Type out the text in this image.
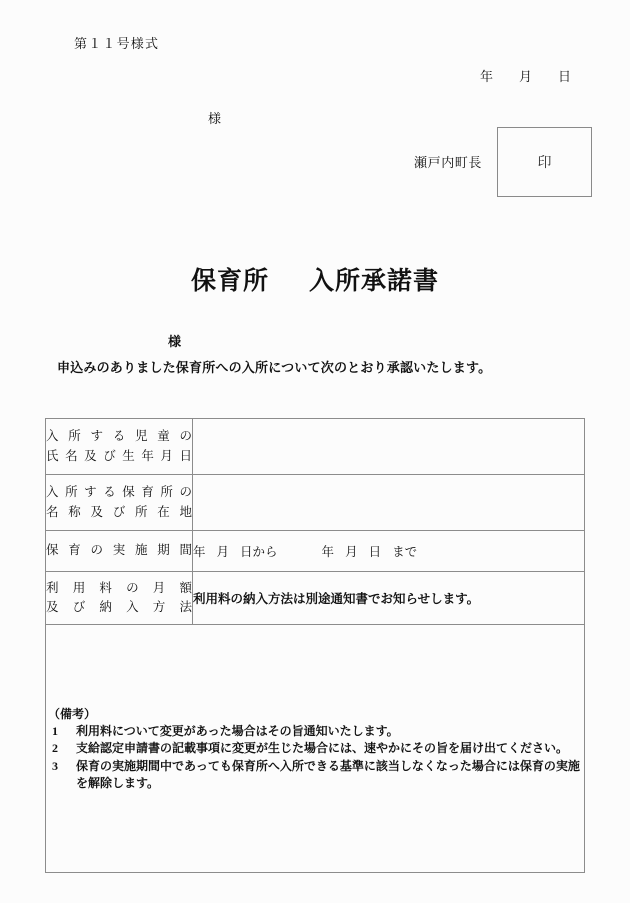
第１１号様式
年 月 日
様
瀬戸内町長	印
保育所 入所承諾書
様
申込みのありました保育所への入所について次のとおり承認いたします。
入所する児童の
氏名及び生年月日	

入所する保育所の
名称及び所在地	

保育の実施期間	年 月 日から 年 月 日 まで

利用料の月額
及び納入方法	利用料の納入方法は別途通知書でお知らせします。

（備考）
1 利用料について変更があった場合はその旨通知いたします。
2 支給認定申請書の記載事項に変更が生じた場合には、速やかにその旨を届け出てください。
3 保育の実施期間中であっても保育所へ入所できる基準に該当しなくなった場合には保育の実施を解除します。
